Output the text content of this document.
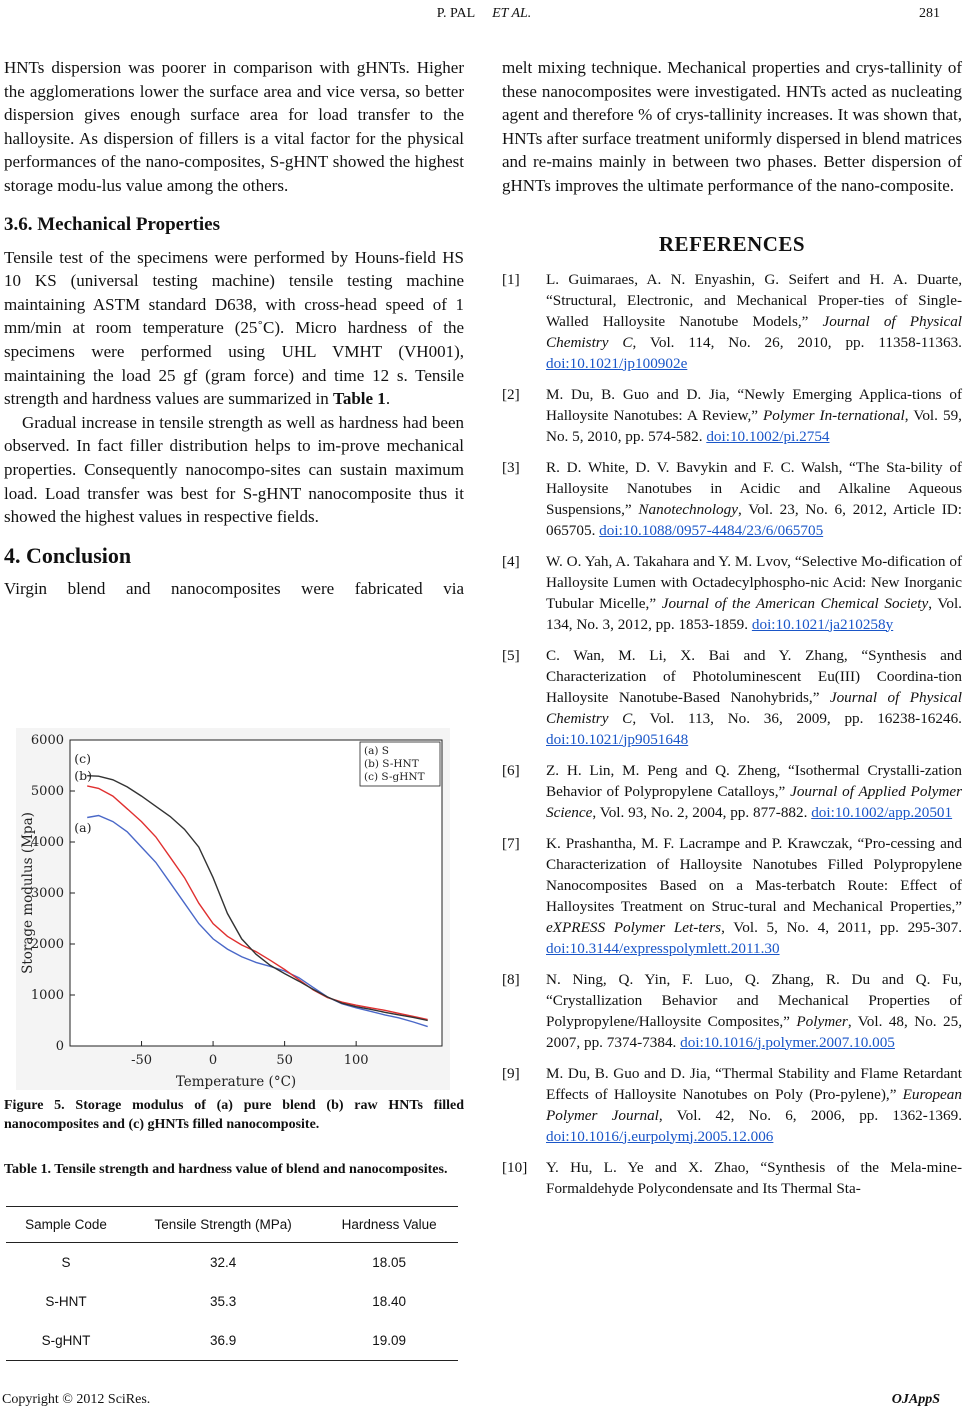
P. PAL ET AL.	281

HNTs dispersion was poorer in comparison with gHNTs. Higher the agglomerations lower the surface area and vice versa, so better dispersion gives enough surface area for load transfer to the halloysite. As dispersion of fillers is a vital factor for the physical performances of the nano-composites, S-gHNT showed the highest storage modu-lus value among the others.

3.6. Mechanical Properties

Tensile test of the specimens were performed by Houns-field HS 10 KS (universal testing machine) tensile testing machine maintaining ASTM standard D638, with cross-head speed of 1 mm/min at room temperature (25˚C). Micro hardness of the specimens were performed using UHL VMHT (VH001), maintaining the load 25 gf (gram force) and time 12 s. Tensile strength and hardness values are summarized in Table 1.

Gradual increase in tensile strength as well as hardness had been observed. In fact filler distribution helps to im-prove mechanical properties. Consequently nanocompo-sites can sustain maximum load. Load transfer was best for S-gHNT nanocomposite thus it showed the highest values in respective fields.

4. Conclusion

Virgin blend and nanocomposites were fabricated via

0
1000
2000
3000
4000
5000
6000
-50	0	50	100
Temperature (°C)
Storage modulus (Mpa)
(c)
(b)
(a)
(a) S
(b) S-HNT
(c) S-gHNT

Figure 5. Storage modulus of (a) pure blend (b) raw HNTs filled nanocomposites and (c) gHNTs filled nanocomposite.

Table 1. Tensile strength and hardness value of blend and nanocomposites.

Sample Code	Tensile Strength (MPa)	Hardness Value
S	32.4	18.05
S-HNT	35.3	18.40
S-gHNT	36.9	19.09

melt mixing technique. Mechanical properties and crys-tallinity of these nanocomposites were investigated. HNTs acted as nucleating agent and therefore % of crys-tallinity increases. It was shown that, HNTs after surface treatment uniformly dispersed in blend matrices and re-mains mainly in between two phases. Better dispersion of gHNTs improves the ultimate performance of the nano-composite.

REFERENCES
[1]	L. Guimaraes, A. N. Enyashin, G. Seifert and H. A. Duarte, “Structural, Electronic, and Mechanical Proper-ties of Single-Walled Halloysite Nanotube Models,” Journal of Physical Chemistry C, Vol. 114, No. 26, 2010, pp. 11358-11363. doi:10.1021/jp100902e
[2]	M. Du, B. Guo and D. Jia, “Newly Emerging Applica-tions of Halloysite Nanotubes: A Review,” Polymer In-ternational, Vol. 59, No. 5, 2010, pp. 574-582. doi:10.1002/pi.2754
[3]	R. D. White, D. V. Bavykin and F. C. Walsh, “The Sta-bility of Halloysite Nanotubes in Acidic and Alkaline Aqueous Suspensions,” Nanotechnology, Vol. 23, No. 6, 2012, Article ID: 065705. doi:10.1088/0957-4484/23/6/065705
[4]	W. O. Yah, A. Takahara and Y. M. Lvov, “Selective Mo-dification of Halloysite Lumen with Octadecylphospho-nic Acid: New Inorganic Tubular Micelle,” Journal of the American Chemical Society, Vol. 134, No. 3, 2012, pp. 1853-1859. doi:10.1021/ja210258y
[5]	C. Wan, M. Li, X. Bai and Y. Zhang, “Synthesis and Characterization of Photoluminescent Eu(III) Coordina-tion Halloysite Nanotube-Based Nanohybrids,” Journal of Physical Chemistry C, Vol. 113, No. 36, 2009, pp. 16238-16246. doi:10.1021/jp9051648
[6]	Z. H. Lin, M. Peng and Q. Zheng, “Isothermal Crystalli-zation Behavior of Polypropylene Catalloys,” Journal of Applied Polymer Science, Vol. 93, No. 2, 2004, pp. 877-882. doi:10.1002/app.20501
[7]	K. Prashantha, M. F. Lacrampe and P. Krawczak, “Pro-cessing and Characterization of Halloysite Nanotubes Filled Polypropylene Nanocomposites Based on a Mas-terbatch Route: Effect of Halloysites Treatment on Struc-tural and Mechanical Properties,” eXPRESS Polymer Let-ters, Vol. 5, No. 4, 2011, pp. 295-307. doi:10.3144/expresspolymlett.2011.30
[8]	N. Ning, Q. Yin, F. Luo, Q. Zhang, R. Du and Q. Fu, “Crystallization Behavior and Mechanical Properties of Polypropylene/Halloysite Composites,” Polymer, Vol. 48, No. 25, 2007, pp. 7374-7384. doi:10.1016/j.polymer.2007.10.005
[9]	M. Du, B. Guo and D. Jia, “Thermal Stability and Flame Retardant Effects of Halloysite Nanotubes on Poly (Pro-pylene),” European Polymer Journal, Vol. 42, No. 6, 2006, pp. 1362-1369. doi:10.1016/j.eurpolymj.2005.12.006
[10]	Y. Hu, L. Ye and X. Zhao, “Synthesis of the Mela-mine-Formaldehyde Polycondensate and Its Thermal Sta-
Copyright © 2012 SciRes.	OJAppS
